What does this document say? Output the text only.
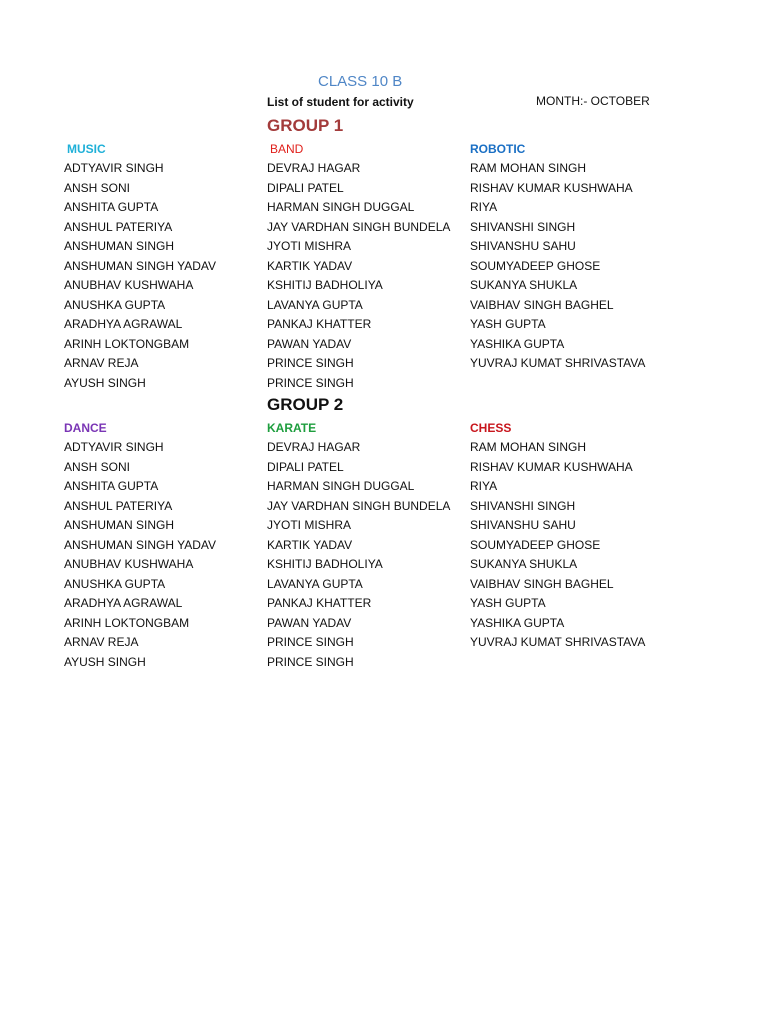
CLASS 10 B
List of student for activity	MONTH:- OCTOBER
GROUP 1
MUSIC
ADTYAVIR SINGH
ANSH SONI
ANSHITA GUPTA
ANSHUL PATERIYA
ANSHUMAN SINGH
ANSHUMAN SINGH YADAV
ANUBHAV KUSHWAHA
ANUSHKA GUPTA
ARADHYA AGRAWAL
ARINH LOKTONGBAM
ARNAV REJA
AYUSH SINGH
BAND
DEVRAJ HAGAR
DIPALI PATEL
HARMAN SINGH DUGGAL
JAY VARDHAN SINGH BUNDELA
JYOTI MISHRA
KARTIK YADAV
KSHITIJ BADHOLIYA
LAVANYA GUPTA
PANKAJ KHATTER
PAWAN YADAV
PRINCE SINGH
PRINCE SINGH
ROBOTIC
RAM MOHAN SINGH
RISHAV KUMAR KUSHWAHA
RIYA
SHIVANSHI SINGH
SHIVANSHU SAHU
SOUMYADEEP GHOSE
SUKANYA SHUKLA
VAIBHAV SINGH BAGHEL
YASH GUPTA
YASHIKA GUPTA
YUVRAJ KUMAT SHRIVASTAVA
GROUP 2
DANCE
ADTYAVIR SINGH
ANSH SONI
ANSHITA GUPTA
ANSHUL PATERIYA
ANSHUMAN SINGH
ANSHUMAN SINGH YADAV
ANUBHAV KUSHWAHA
ANUSHKA GUPTA
ARADHYA AGRAWAL
ARINH LOKTONGBAM
ARNAV REJA
AYUSH SINGH
KARATE
DEVRAJ HAGAR
DIPALI PATEL
HARMAN SINGH DUGGAL
JAY VARDHAN SINGH BUNDELA
JYOTI MISHRA
KARTIK YADAV
KSHITIJ BADHOLIYA
LAVANYA GUPTA
PANKAJ KHATTER
PAWAN YADAV
PRINCE SINGH
PRINCE SINGH
CHESS
RAM MOHAN SINGH
RISHAV KUMAR KUSHWAHA
RIYA
SHIVANSHI SINGH
SHIVANSHU SAHU
SOUMYADEEP GHOSE
SUKANYA SHUKLA
VAIBHAV SINGH BAGHEL
YASH GUPTA
YASHIKA GUPTA
YUVRAJ KUMAT SHRIVASTAVA
